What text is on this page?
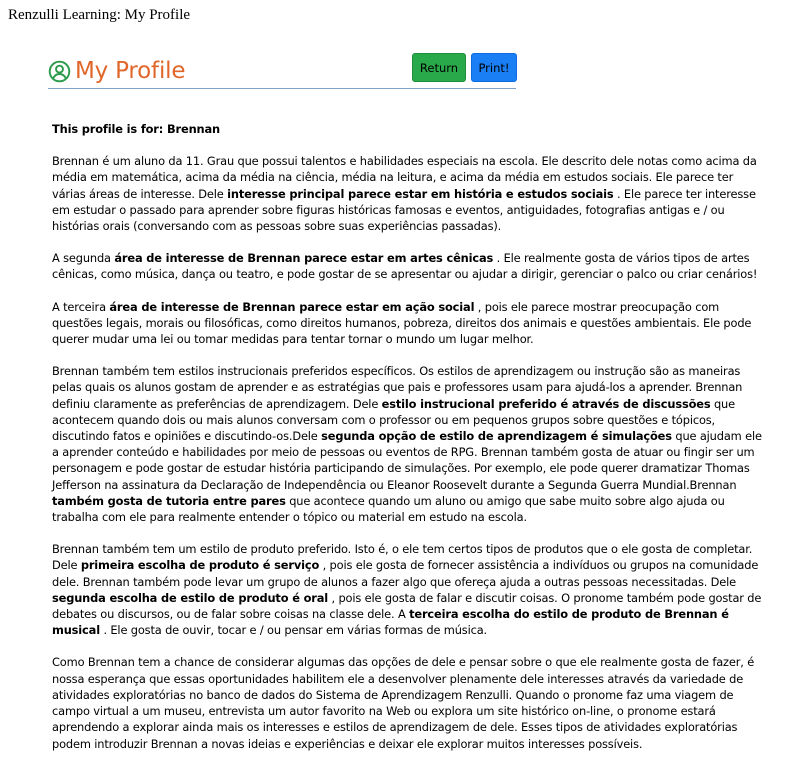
Renzulli Learning: My Profile
My Profile	Return	Print!

This profile is for: Brennan

Brennan é um aluno da 11. Grau que possui talentos e habilidades especiais na escola. Ele descrito dele notas como acima da média em matemática, acima da média na ciência, média na leitura, e acima da média em estudos sociais. Ele parece ter várias áreas de interesse. Dele interesse principal parece estar em história e estudos sociais . Ele parece ter interesse em estudar o passado para aprender sobre figuras históricas famosas e eventos, antiguidades, fotografias antigas e / ou histórias orais (conversando com as pessoas sobre suas experiências passadas).

A segunda área de interesse de Brennan parece estar em artes cênicas . Ele realmente gosta de vários tipos de artes cênicas, como música, dança ou teatro, e pode gostar de se apresentar ou ajudar a dirigir, gerenciar o palco ou criar cenários!

A terceira área de interesse de Brennan parece estar em ação social , pois ele parece mostrar preocupação com questões legais, morais ou filosóficas, como direitos humanos, pobreza, direitos dos animais e questões ambientais. Ele pode querer mudar uma lei ou tomar medidas para tentar tornar o mundo um lugar melhor.

Brennan também tem estilos instrucionais preferidos específicos. Os estilos de aprendizagem ou instrução são as maneiras pelas quais os alunos gostam de aprender e as estratégias que pais e professores usam para ajudá-los a aprender. Brennan definiu claramente as preferências de aprendizagem. Dele estilo instrucional preferido é através de discussões que acontecem quando dois ou mais alunos conversam com o professor ou em pequenos grupos sobre questões e tópicos, discutindo fatos e opiniões e discutindo-os.Dele segunda opção de estilo de aprendizagem é simulações que ajudam ele a aprender conteúdo e habilidades por meio de pessoas ou eventos de RPG. Brennan também gosta de atuar ou fingir ser um personagem e pode gostar de estudar história participando de simulações. Por exemplo, ele pode querer dramatizar Thomas Jefferson na assinatura da Declaração de Independência ou Eleanor Roosevelt durante a Segunda Guerra Mundial.Brennan também gosta de tutoria entre pares que acontece quando um aluno ou amigo que sabe muito sobre algo ajuda ou trabalha com ele para realmente entender o tópico ou material em estudo na escola.

Brennan também tem um estilo de produto preferido. Isto é, o ele tem certos tipos de produtos que o ele gosta de completar. Dele primeira escolha de produto é serviço , pois ele gosta de fornecer assistência a indivíduos ou grupos na comunidade dele. Brennan também pode levar um grupo de alunos a fazer algo que ofereça ajuda a outras pessoas necessitadas. Dele segunda escolha de estilo de produto é oral , pois ele gosta de falar e discutir coisas. O pronome também pode gostar de debates ou discursos, ou de falar sobre coisas na classe dele. A terceira escolha do estilo de produto de Brennan é musical . Ele gosta de ouvir, tocar e / ou pensar em várias formas de música.

Como Brennan tem a chance de considerar algumas das opções de dele e pensar sobre o que ele realmente gosta de fazer, é nossa esperança que essas oportunidades habilitem ele a desenvolver plenamente dele interesses através da variedade de atividades exploratórias no banco de dados do Sistema de Aprendizagem Renzulli. Quando o pronome faz uma viagem de campo virtual a um museu, entrevista um autor favorito na Web ou explora um site histórico on-line, o pronome estará aprendendo a explorar ainda mais os interesses e estilos de aprendizagem de dele. Esses tipos de atividades exploratórias podem introduzir Brennan a novas ideias e experiências e deixar ele explorar muitos interesses possíveis.
